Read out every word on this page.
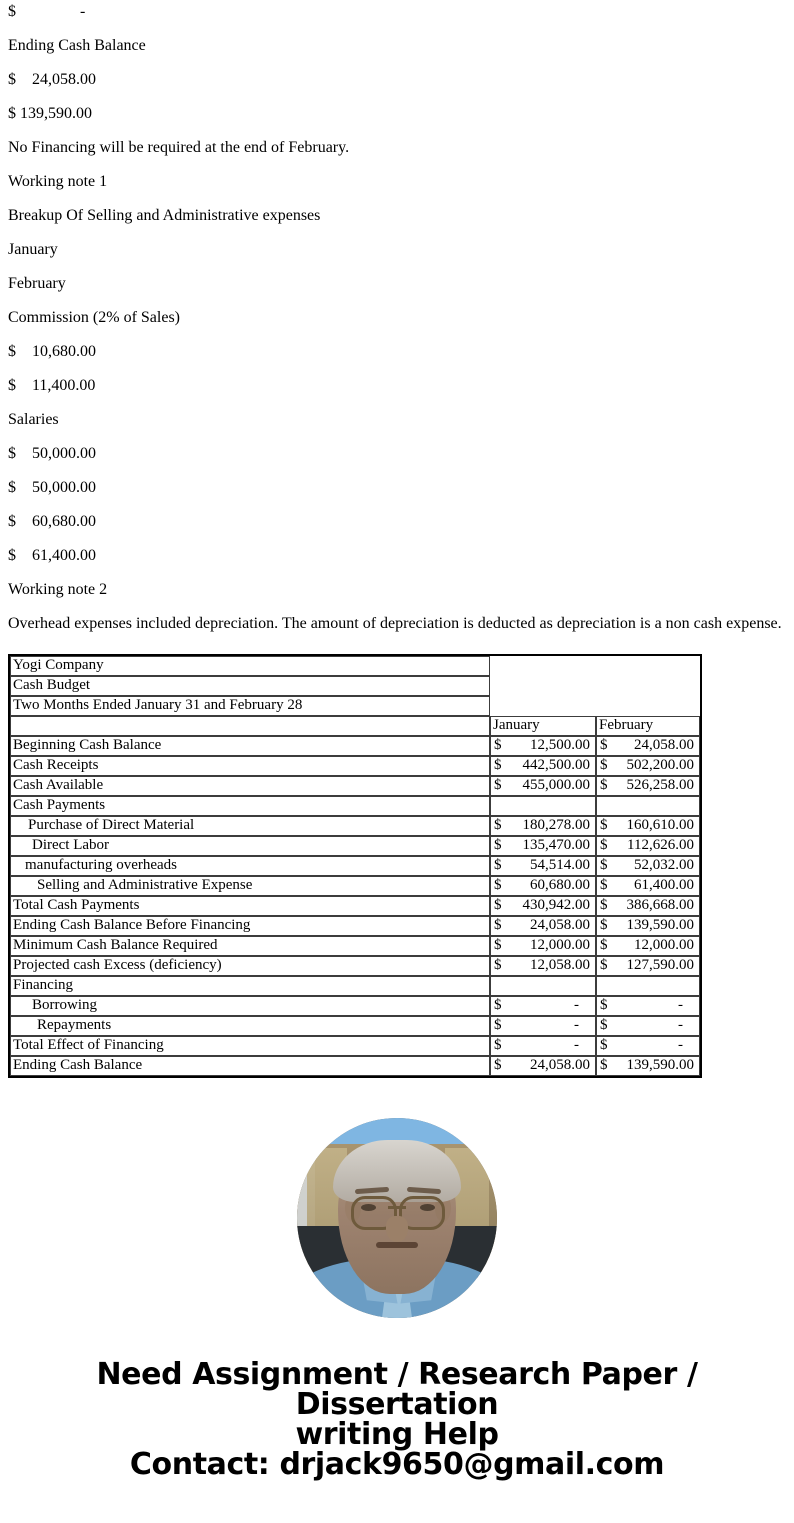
$                -
Ending Cash Balance
$    24,058.00
$ 139,590.00
No Financing will be required at the end of February.
Working note 1
Breakup Of Selling and Administrative expenses
January
February
Commission (2% of Sales)
$    10,680.00
$    11,400.00
Salaries
$    50,000.00
$    50,000.00
$    60,680.00
$    61,400.00
Working note 2
Overhead expenses included depreciation. The amount of depreciation is deducted as depreciation is a non cash expense.
Yogi Company		
Cash Budget		
Two Months Ended January 31 and February 28		
	January	February
Beginning Cash Balance	$ 12,500.00	$ 24,058.00

Cash Receipts	$ 442,500.00	$ 502,200.00

Cash Available	$ 455,000.00	$ 526,258.00

Cash Payments		
Purchase of Direct Material	$ 180,278.00	$ 160,610.00

Direct Labor	$ 135,470.00	$ 112,626.00

manufacturing overheads	$ 54,514.00	$ 52,032.00

Selling and Administrative Expense	$ 60,680.00	$ 61,400.00

Total Cash Payments	$ 430,942.00	$ 386,668.00

Ending Cash Balance Before Financing	$ 24,058.00	$ 139,590.00

Minimum Cash Balance Required	$ 12,000.00	$ 12,000.00

Projected cash Excess (deficiency)	$ 12,058.00	$ 127,590.00

Financing		
Borrowing	$ -	$ -

Repayments	$ -	$ -

Total Effect of Financing	$ -	$ -

Ending Cash Balance	$ 24,058.00	$ 139,590.00
Need Assignment / Research Paper / Dissertation
writing Help
Contact: drjack9650@gmail.com
